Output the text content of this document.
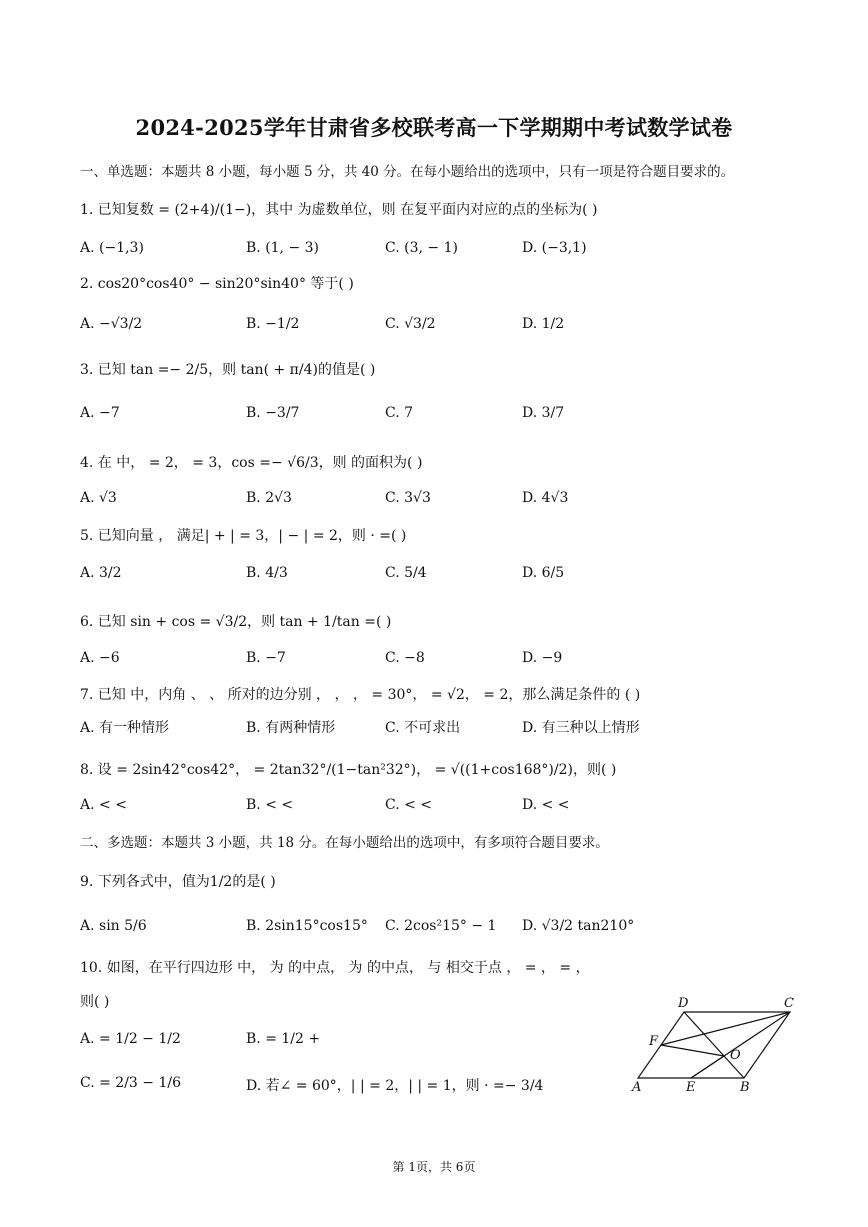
2024-2025学年甘肃省多校联考高一下学期期中考试数学试卷
一、单选题：本题共 8 小题，每小题 5 分，共 40 分。在每小题给出的选项中，只有一项是符合题目要求的。
1. 已知复数 = (2+4)/(1−)，其中 为虚数单位，则 在复平面内对应的点的坐标为( )
A. (−1,3)	B. (1, − 3)	C. (3, − 1)	D. (−3,1)
2. cos20°cos40° − sin20°sin40° 等于( )
A. −√3/2	B. −1/2	C. √3/2	D. 1/2
3. 已知 tan =− 2/5，则 tan( + π/4)的值是( )
A. −7	B. −3/7	C. 7	D. 3/7
4. 在 中， = 2， = 3，cos =− √6/3，则 的面积为( )
A. √3	B. 2√3	C. 3√3	D. 4√3
5. 已知向量 ， 满足| + | = 3，| − | = 2，则 · =( )
A. 3/2	B. 4/3	C. 5/4	D. 6/5
6. 已知 sin + cos = √3/2，则 tan + 1/tan =( )
A. −6	B. −7	C. −8	D. −9
7. 已知 中，内角 、 、 所对的边分别 ， ， ， = 30°， = √2， = 2，那么满足条件的 ( )
A. 有一种情形	B. 有两种情形	C. 不可求出	D. 有三种以上情形
8. 设 = 2sin42°cos42°， = 2tan32°/(1−tan²32°)， = √((1+cos168°)/2)，则( )
A. < <	B. < <	C. < <	D. < <
二、多选题：本题共 3 小题，共 18 分。在每小题给出的选项中，有多项符合题目要求。
9. 下列各式中，值为1/2的是( )
A. sin 5/6	B. 2sin15°cos15° C. 2cos²15° − 1 D. √3/2 tan210°
10. 如图，在平行四边形 中， 为 的中点， 为 的中点， 与 相交于点 ， = ， = ，
则( )
A. = 1/2 − 1/2	B. = 1/2 +
C. = 2/3 − 1/6	D. 若∠ = 60°，| | = 2，| | = 1，则 · =− 3/4
D	C
F
O
A	E	B
第 1页，共 6页
